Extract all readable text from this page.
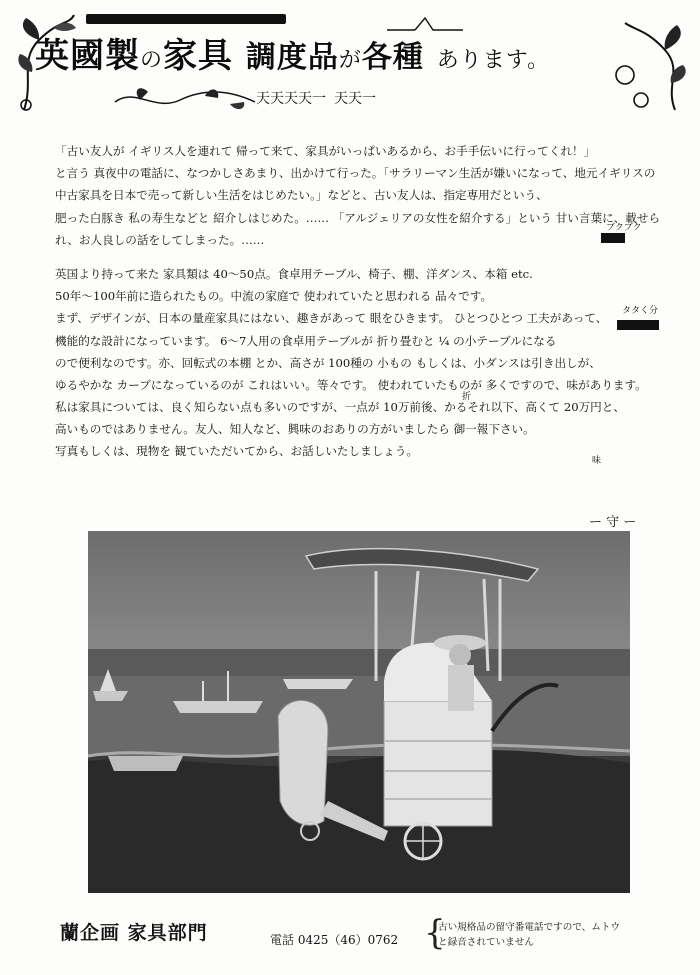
英國製の家具 調度品が各種 あります。
天天天天一 天天一
「古い友人が イギリス人を連れて 帰って来て、家具がいっぱいあるから、お手手伝いに行ってくれ！」
と言う 真夜中の電話に、なつかしさあまり、出かけて行った。「サラリーマン生活が嫌いになって、地元イギリスの
中古家具を日本で売って新しい生活をはじめたい。」などと、古い友人は、指定専用だという、
肥った白豚き 私の寿生などと 紹介しはじめた。…… 「アルジェリアの女性を紹介する」という 甘い言葉に、載せら
れ、お人良しの話をしてしまった。……
英国より持って来た 家具類は 40～50点。食卓用テーブル、椅子、棚、洋ダンス、本箱 etc.
50年～100年前に造られたもの。中流の家庭で 使われていたと思われる 品々です。
まず、デザインが、日本の量産家具にはない、趣きがあって 眼をひきます。 ひとつひとつ 工夫があって、
機能的な設計になっています。 6～7人用の食卓用テーブルが 折り畳むと ¼ の小テーブルになる
ので便利なのです。亦、回転式の本棚 とか、高さが 100種の 小もの もしくは、小ダンスは引き出しが、
ゆるやかな カーブになっているのが これはいい。等々です。 使われていたものが 多くですので、味があります。
私は家具については、良く知らない点も多いのですが、一点が 10万前後、かるそれ以下、高くて 20万円と、
高いものではありません。友人、知人など、興味のおありの方がいましたら 御一報下さい。
写真もしくは、現物を 観ていただいてから、お話しいたしましょう。
タタく分
ブクブク
折
味
ー 守 ー
蘭企画 家具部門	電話 0425（46）0762 {
古い規格品の留守番電話ですので、ムトウ
と録音されていません
